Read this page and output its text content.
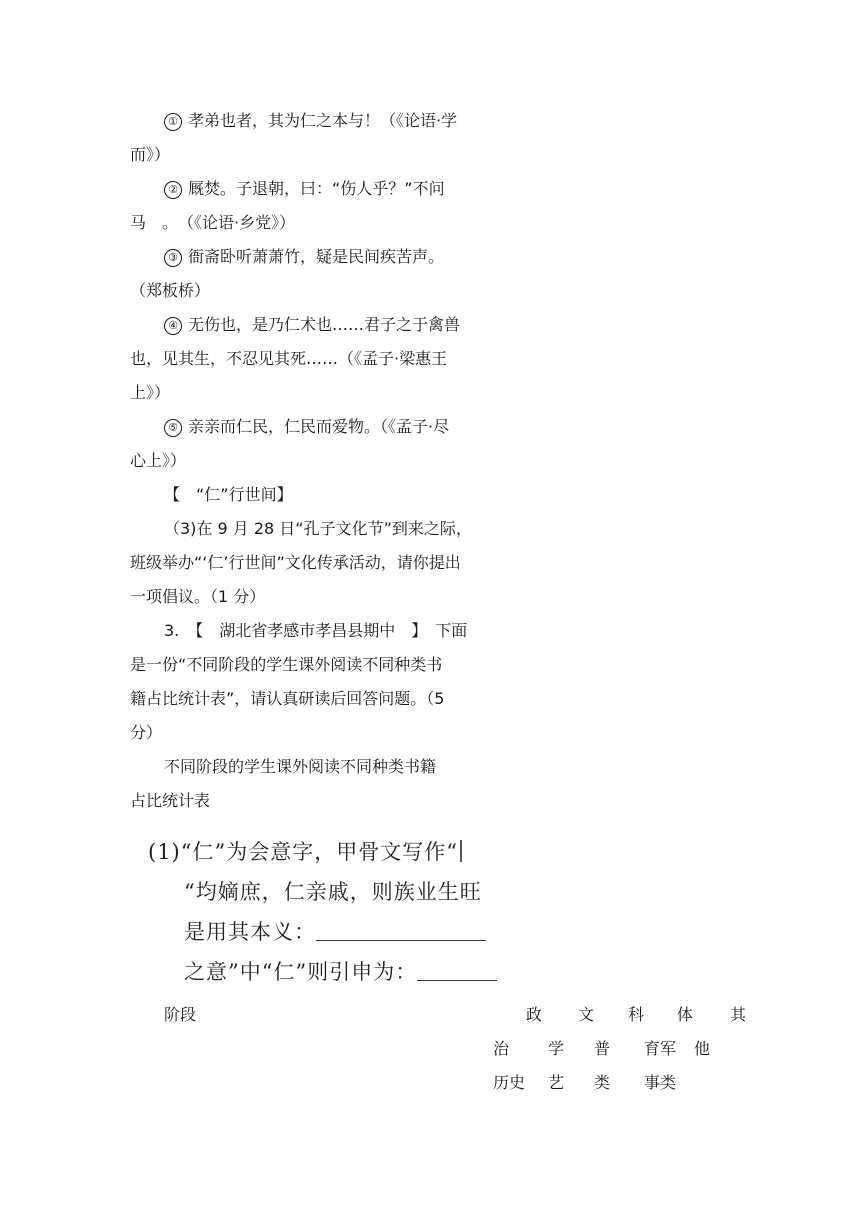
① 孝弟也者，其为仁之本与！（《论语·学

而》）

② 厩焚。子退朝，曰：“伤人乎？”不问

马　。　（《论语·乡党》）

③ 衙斋卧听萧萧竹，疑是民间疾苦声。

（郑板桥）

④ 无伤也，是乃仁术也……君子之于禽兽

也，见其生，不忍见其死……（《孟子·梁惠王

上》）

⑤ 亲亲而仁民，仁民而爱物。（《孟子·尽

心上》）

【　“仁”行世间】

（3)在 9 月 28 日“孔子文化节”到来之际，

班级举办“‘仁’行世间”文化传承活动，请你提出

一项倡议。（1 分）

3.　【　湖北省孝感市孝昌县期中　】　下面

是一份“不同阶段的学生课外阅读不同种类书

籍占比统计表”，请认真研读后回答问题。（5

分）

不同阶段的学生课外阅读不同种类书籍

占比统计表

(1)“仁”为会意字，甲骨文写作“
“均嫡庶，仁亲戚，则族业生旺
是用其本义：
之意”中“仁”则引申为：
阶段	政
治
历史
文
学
艺
科
普
类
体
育军
事类
其
他
